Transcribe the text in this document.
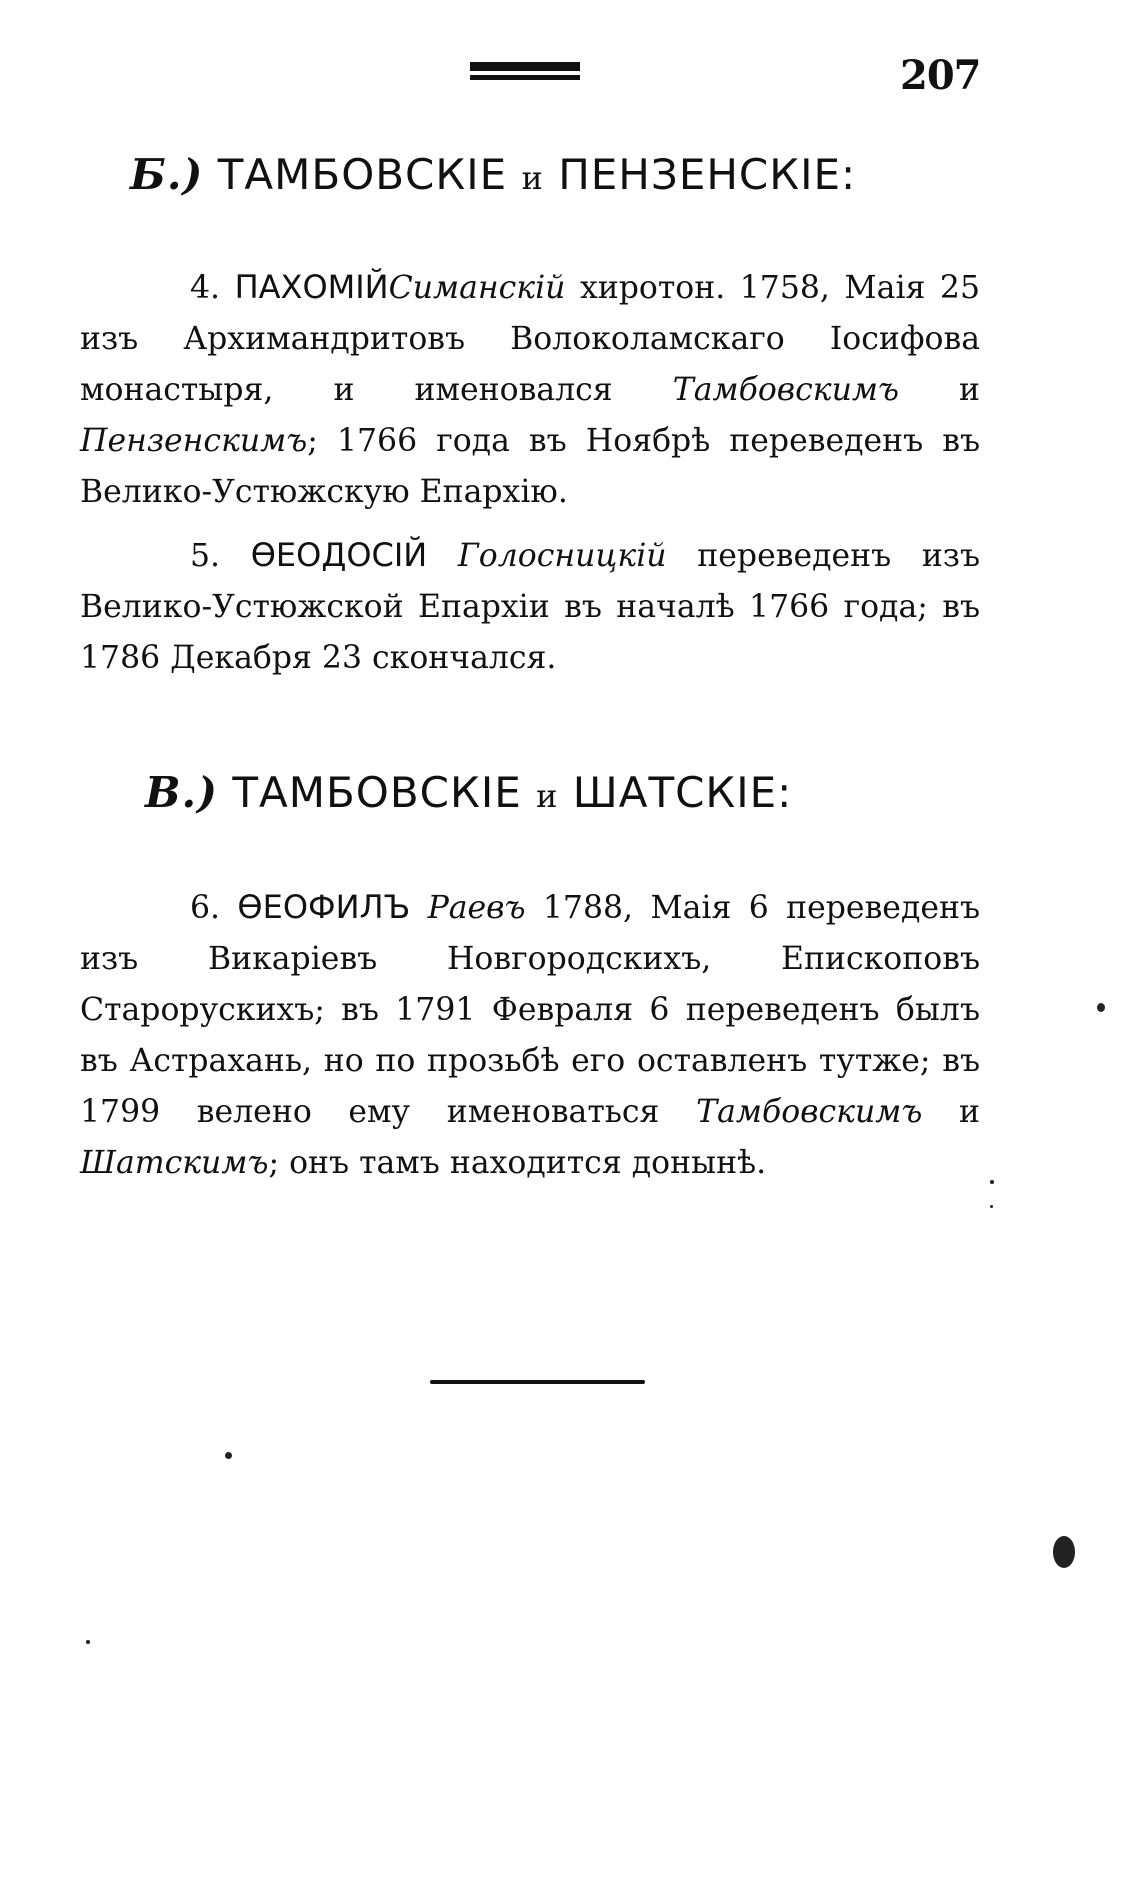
207
Б.) ТАМБОВСКІЕ и ПЕНЗЕНСКІЕ:

4. ПАХОМІЙСиманскій хиротон. 1758, Маія 25 изъ Архимандритовъ Волоколамскаго Іосифова монастыря, и именовался Тамбовскимъ и Пензенскимъ; 1766 года въ Ноябрѣ переведенъ въ Велико-Устюжскую Епархію.

5. ѲЕОДОСІЙ Голосницкій переведенъ изъ Велико-Устюжской Епархіи въ началѣ 1766 года; въ 1786 Декабря 23 скончался.

В.) ТАМБОВСКІЕ и ШАТСКІЕ:

6. ѲЕОФИЛЪ Раевъ 1788, Маія 6 переведенъ изъ Викаріевъ Новгородскихъ, Епископовъ Старорускихъ; въ 1791 Февраля 6 переведенъ былъ въ Астрахань, но по прозьбѣ его оставленъ тутже; въ 1799 велено ему именоваться Тамбовскимъ и Шатскимъ; онъ тамъ находится донынѣ.
